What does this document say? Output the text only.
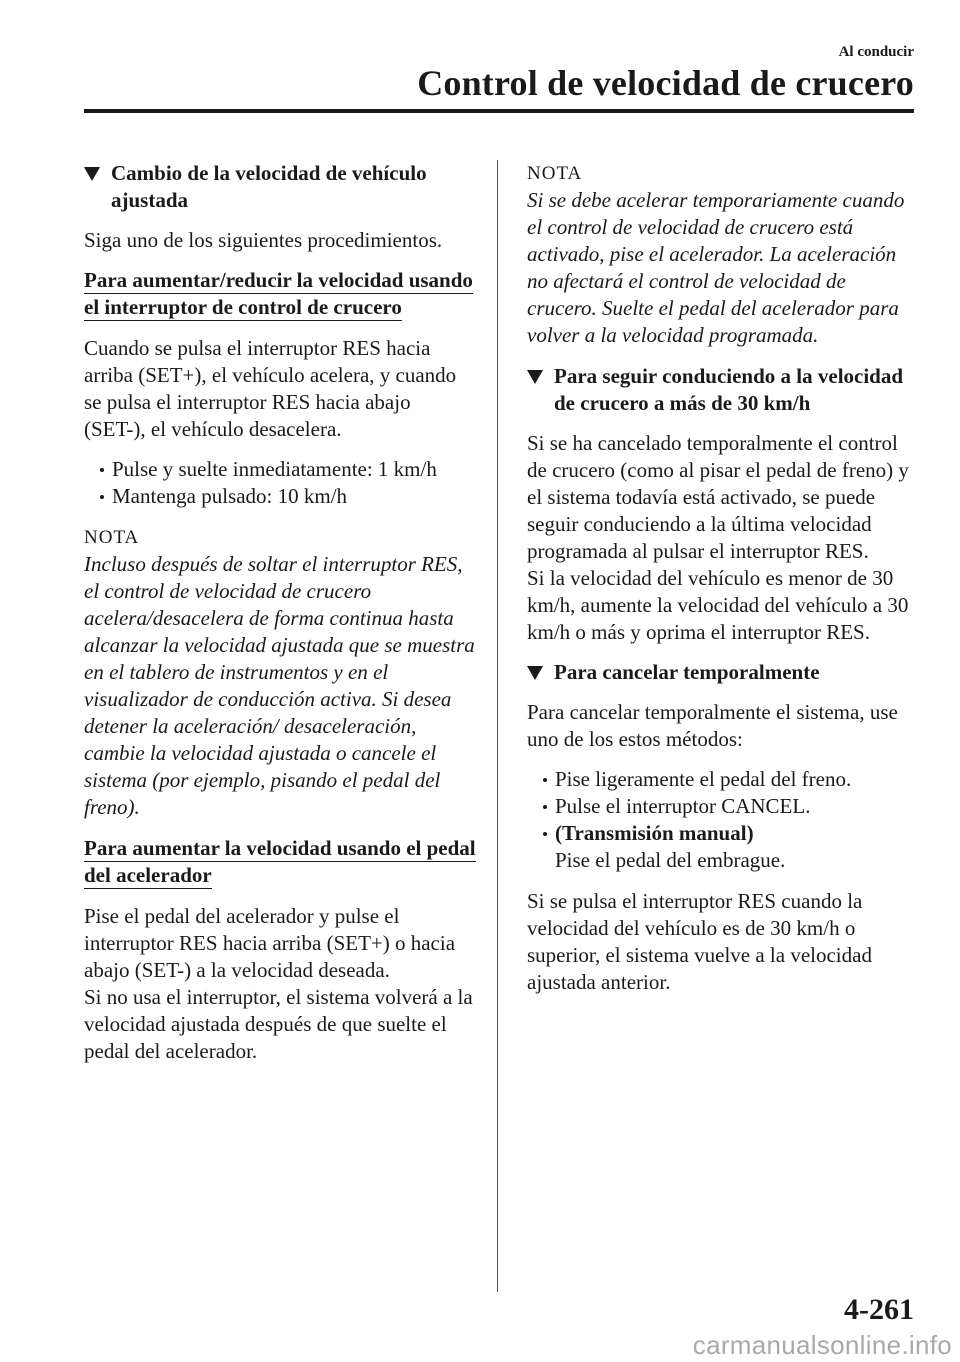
Al conducir
Control de velocidad de crucero
Cambio de la velocidad de vehículo ajustada

Siga uno de los siguientes procedimientos.

Para aumentar/reducir la velocidad usando el interruptor de control de crucero

Cuando se pulsa el interruptor RES hacia arriba (SET+), el vehículo acelera, y cuando se pulsa el interruptor RES hacia abajo (SET-), el vehículo desacelera.

Pulse y suelte inmediatamente: 1 km/h
Mantenga pulsado: 10 km/h
NOTA
Incluso después de soltar el interruptor RES, el control de velocidad de crucero acelera/desacelera de forma continua hasta alcanzar la velocidad ajustada que se muestra en el tablero de instrumentos y en el visualizador de conducción activa. Si desea detener la aceleración/ desaceleración, cambie la velocidad ajustada o cancele el sistema (por ejemplo, pisando el pedal del freno).
Para aumentar la velocidad usando el pedal del acelerador

Pise el pedal del acelerador y pulse el interruptor RES hacia arriba (SET+) o hacia abajo (SET-) a la velocidad deseada.
Si no usa el interruptor, el sistema volverá a la velocidad ajustada después de que suelte el pedal del acelerador.

NOTA
Si se debe acelerar temporariamente cuando el control de velocidad de crucero está activado, pise el acelerador. La aceleración no afectará el control de velocidad de crucero. Suelte el pedal del acelerador para volver a la velocidad programada.
Para seguir conduciendo a la velocidad de crucero a más de 30 km/h

Si se ha cancelado temporalmente el control de crucero (como al pisar el pedal de freno) y el sistema todavía está activado, se puede seguir conduciendo a la última velocidad programada al pulsar el interruptor RES.
Si la velocidad del vehículo es menor de 30 km/h, aumente la velocidad del vehículo a 30 km/h o más y oprima el interruptor RES.

Para cancelar temporalmente

Para cancelar temporalmente el sistema, use uno de los estos métodos:

Pise ligeramente el pedal del freno.
Pulse el interruptor CANCEL.
(Transmisión manual)
Pise el pedal del embrague.

Si se pulsa el interruptor RES cuando la velocidad del vehículo es de 30 km/h o superior, el sistema vuelve a la velocidad ajustada anterior.

4-261
carmanualsonline.info
